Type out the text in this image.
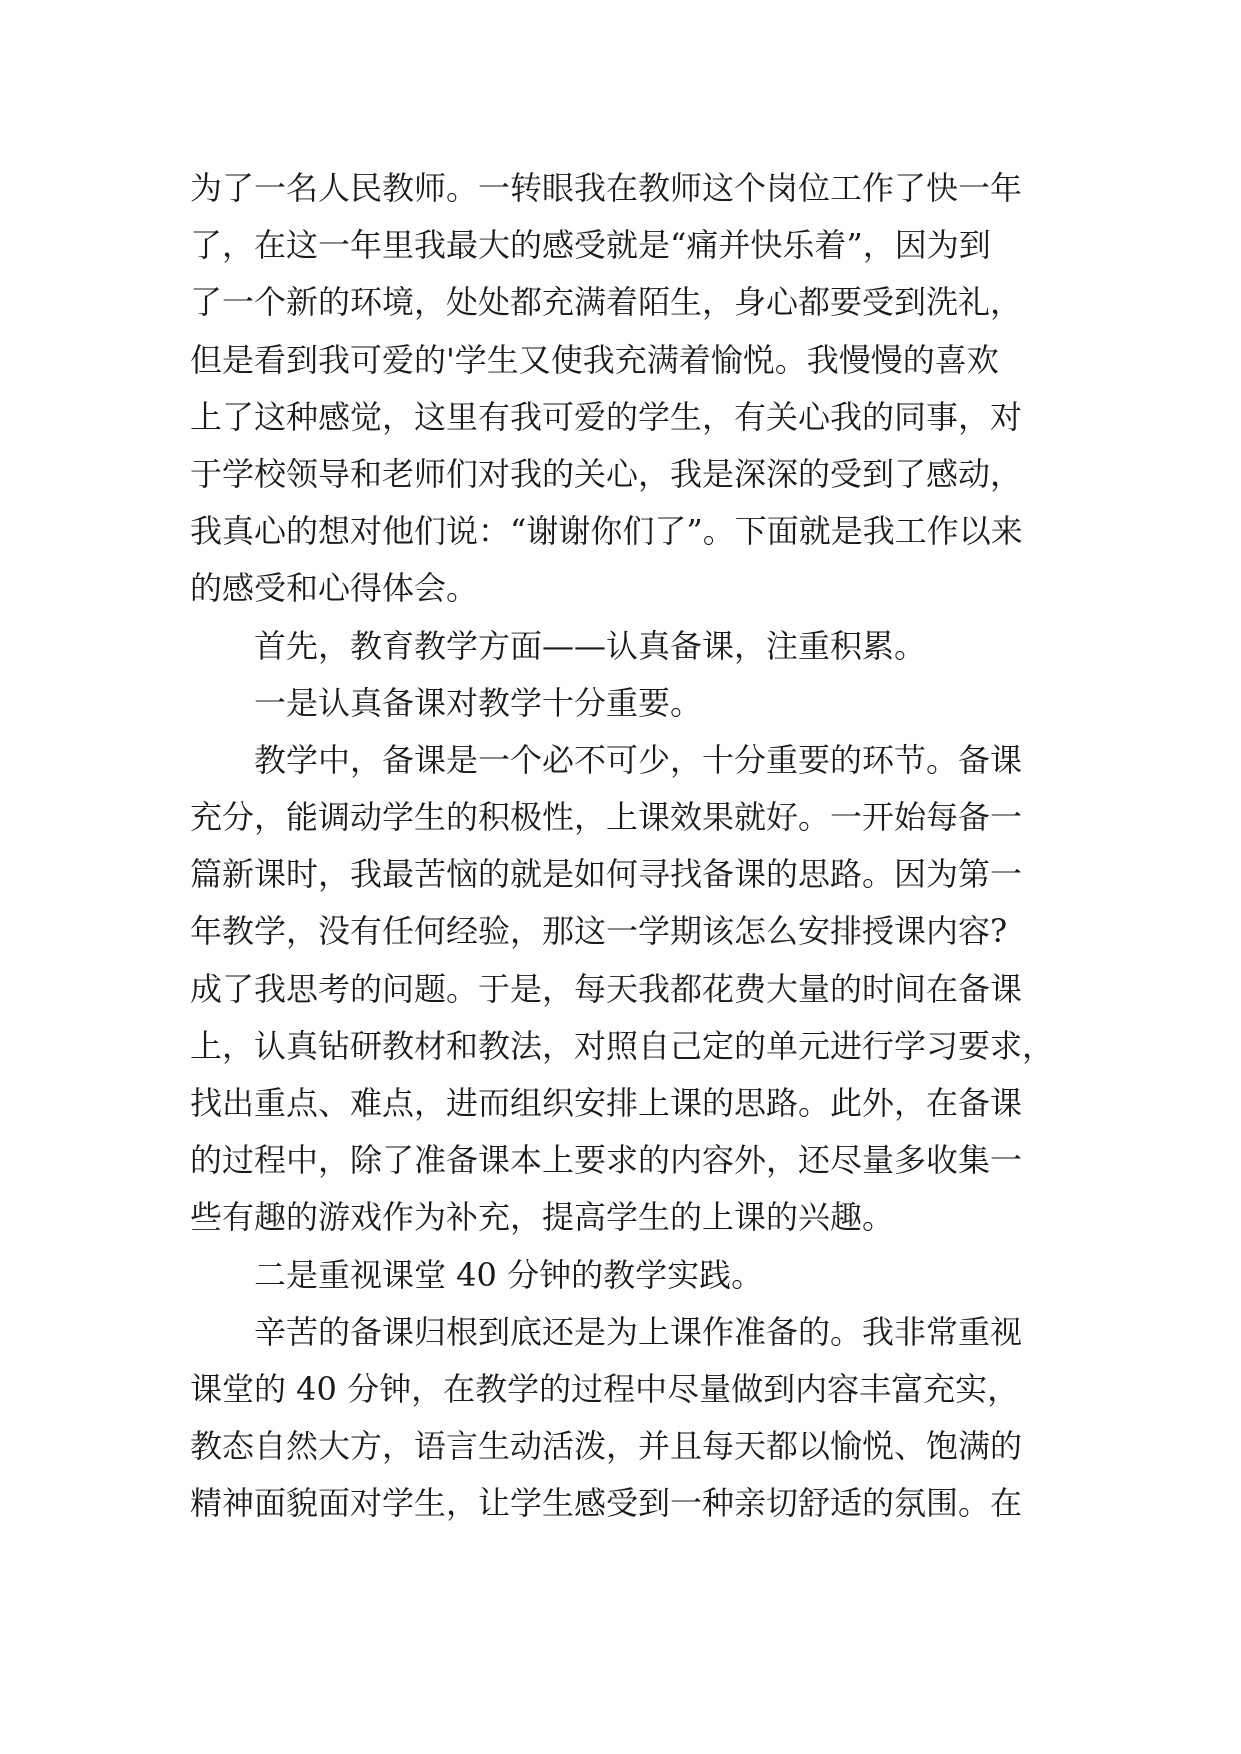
为了一名人民教师。一转眼我在教师这个岗位工作了快一年
了，在这一年里我最大的感受就是“痛并快乐着”，因为到
了一个新的环境，处处都充满着陌生，身心都要受到洗礼，
但是看到我可爱的'学生又使我充满着愉悦。我慢慢的喜欢
上了这种感觉，这里有我可爱的学生，有关心我的同事，对
于学校领导和老师们对我的关心，我是深深的受到了感动，
我真心的想对他们说：“谢谢你们了”。下面就是我工作以来
的感受和心得体会。
　　首先，教育教学方面——认真备课，注重积累。
　　一是认真备课对教学十分重要。
　　教学中，备课是一个必不可少，十分重要的环节。备课
充分，能调动学生的积极性，上课效果就好。一开始每备一
篇新课时，我最苦恼的就是如何寻找备课的思路。因为第一
年教学，没有任何经验，那这一学期该怎么安排授课内容?
成了我思考的问题。于是，每天我都花费大量的时间在备课
上，认真钻研教材和教法，对照自己定的单元进行学习要求，
找出重点、难点，进而组织安排上课的思路。此外，在备课
的过程中，除了准备课本上要求的内容外，还尽量多收集一
些有趣的游戏作为补充，提高学生的上课的兴趣。
　　二是重视课堂 40 分钟的教学实践。
　　辛苦的备课归根到底还是为上课作准备的。我非常重视
课堂的 40 分钟，在教学的过程中尽量做到内容丰富充实，
教态自然大方，语言生动活泼，并且每天都以愉悦、饱满的
精神面貌面对学生，让学生感受到一种亲切舒适的氛围。在
